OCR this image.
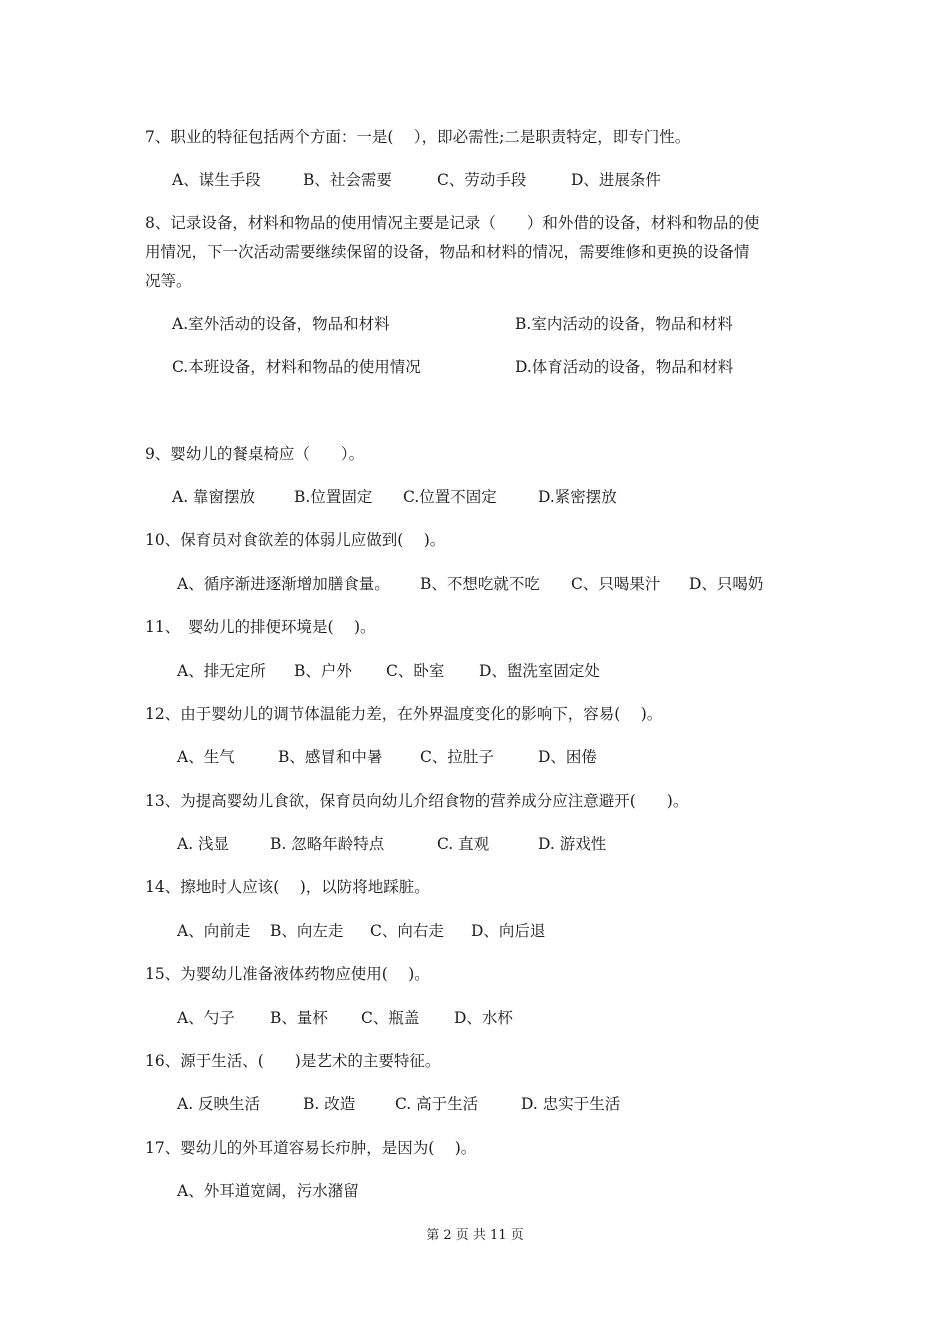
7、职业的特征包括两个方面：一是(　 ），即必需性;二是职责特定，即专门性。
A、谋生手段	B、社会需要	C、劳动手段	D、进展条件
8、记录设备，材料和物品的使用情况主要是记录（　　）和外借的设备，材料和物品的使
用情况，下一次活动需要继续保留的设备，物品和材料的情况，需要维修和更换的设备情
况等。
A.室外活动的设备，物品和材料	B.室内活动的设备，物品和材料
C.本班设备，材料和物品的使用情况	D.体育活动的设备，物品和材料
9、婴幼儿的餐桌椅应（　　）。
A. 靠窗摆放	B.位置固定 C.位置不固定	D.紧密摆放
10、保育员对食欲差的体弱儿应做到(　 )。
A、循序渐进逐渐增加膳食量。 B、不想吃就不吃 C、只喝果汁 D、只喝奶
11、　婴幼儿的排便环境是(　 )。
A、排无定所 B、户外 C、卧室 D、盥洗室固定处
12、由于婴幼儿的调节体温能力差，在外界温度变化的影响下，容易(　 )。
A、生气	B、感冒和中暑 C、拉肚子	D、困倦
13、为提高婴幼儿食欲，保育员向幼儿介绍食物的营养成分应注意避开(　　)。
A. 浅显	B. 忽略年龄特点	C. 直观	D. 游戏性
14、擦地时人应该(　 )，以防将地踩脏。
A、向前走 B、向左走 C、向右走 D、向后退
15、为婴幼儿准备液体药物应使用(　 )。
A、勺子 B、量杯 C、瓶盖 D、水杯
16、源于生活、(　　)是艺术的主要特征。
A. 反映生活	B. 改造	C. 高于生活	D. 忠实于生活
17、婴幼儿的外耳道容易长疖肿，是因为(　 )。
A、外耳道宽阔，污水潴留
第 2 页 共 11 页
